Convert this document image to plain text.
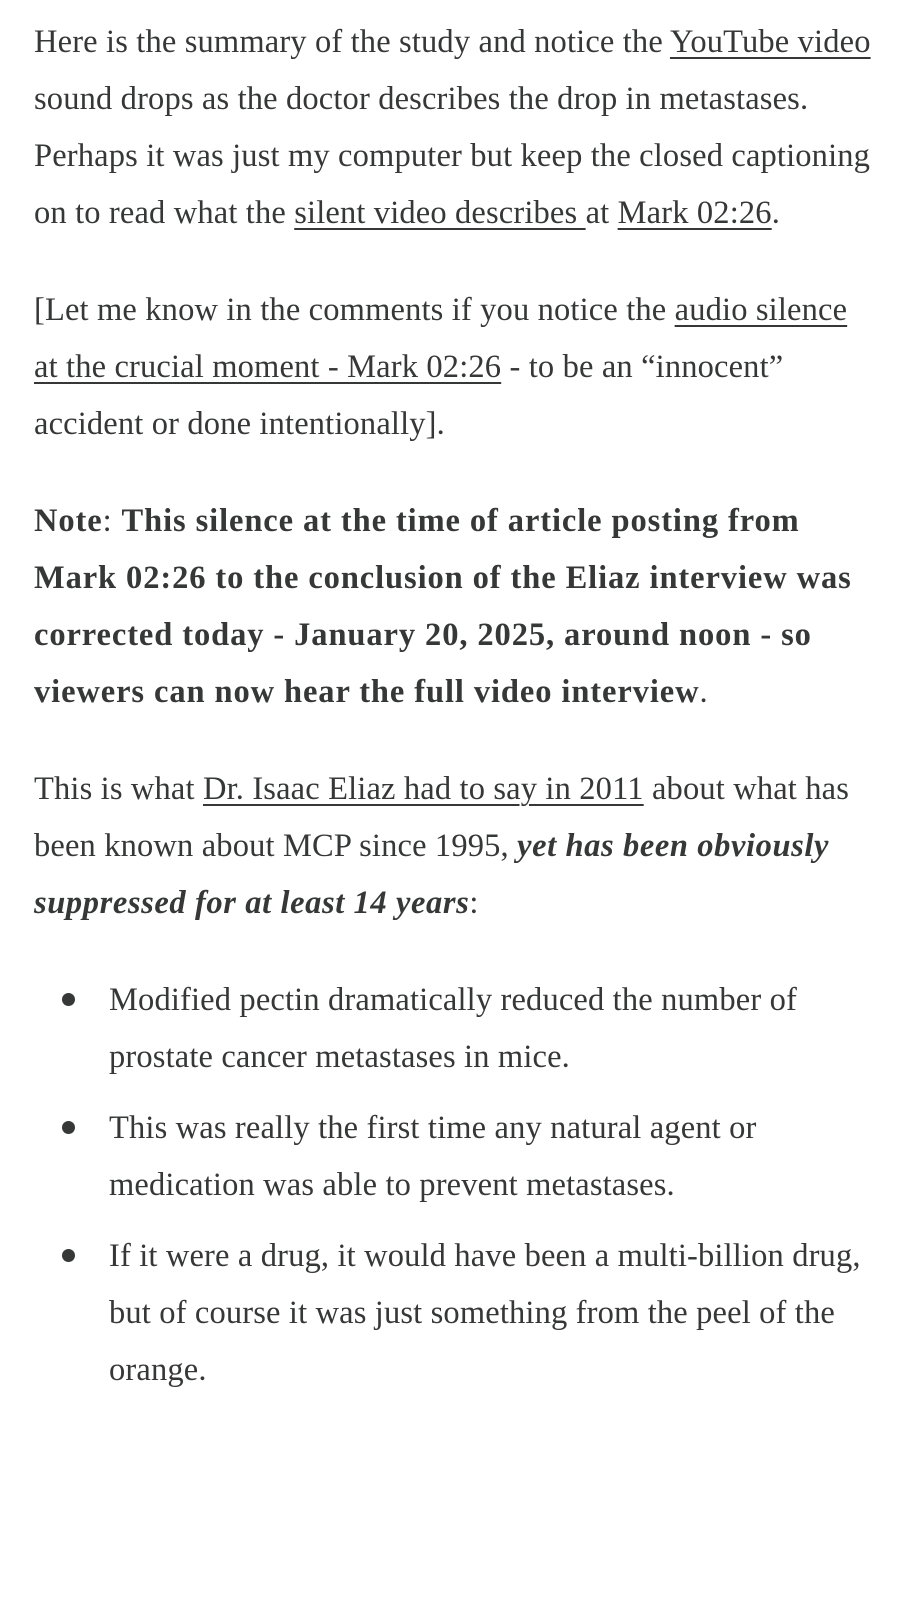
Here is the summary of the study and notice the YouTube video sound drops as the doctor describes the drop in metastases. Perhaps it was just my computer but keep the closed captioning on to read what the silent video describes at Mark 02:26.

[Let me know in the comments if you notice the audio silence at the crucial moment - Mark 02:26 - to be an “innocent” accident or done intentionally].

Note: This silence at the time of article posting from Mark 02:26 to the conclusion of the Eliaz interview was corrected today - January 20, 2025, around noon - so viewers can now hear the full video interview.

This is what Dr. Isaac Eliaz had to say in 2011 about what has been known about MCP since 1995, yet has been obviously suppressed for at least 14 years:

Modified pectin dramatically reduced the number of prostate cancer metastases in mice.
This was really the first time any natural agent or medication was able to prevent metastases.
If it were a drug, it would have been a multi-billion drug, but of course it was just something from the peel of the orange.
